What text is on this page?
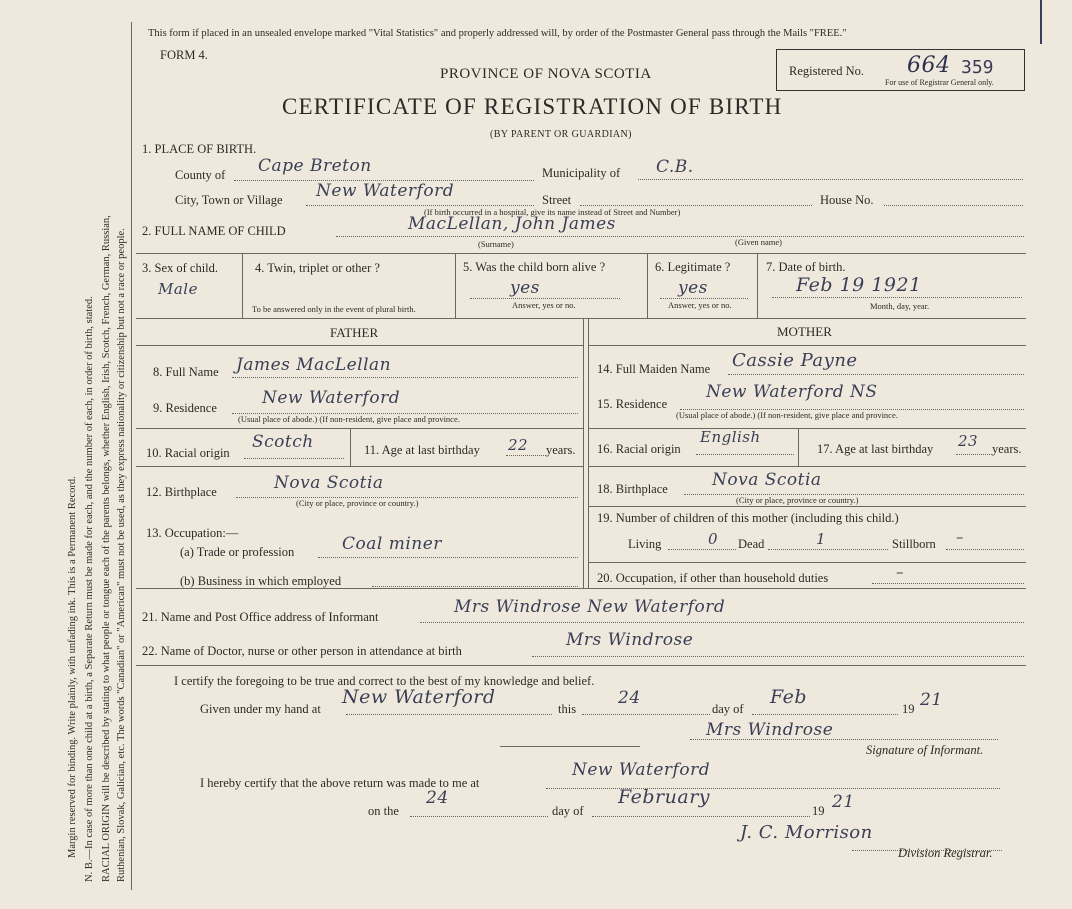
Margin reserved for binding. Write plainly, with unfading ink. This is a Permanent Record. N. B.—In case of more than one child at a birth, a Separate Return must be made for each, and the number of each, in order of birth, stated. RACIAL ORIGIN will be described by stating to what people or tongue each of the parents belongs, whether English, Irish, Scotch, French, German, Russian, Ruthenian, Slovak, Galician, etc. The words "Canadian" or "American" must not be used, as they express nationality or citizenship but not a race or people.
This form if placed in an unsealed envelope marked "Vital Statistics" and properly addressed will, by order of the Postmaster General pass through the Mails "FREE."
FORM 4.
PROVINCE OF NOVA SCOTIA
CERTIFICATE OF REGISTRATION OF BIRTH
(BY PARENT OR GUARDIAN)
Registered No. 664 359
For use of Registrar General only.
1. PLACE OF BIRTH.
County of Cape Breton	Municipality of C.B.
City, Town or Village New Waterford	Street	House No.
(If birth occurred in a hospital, give its name instead of Street and Number)
2. FULL NAME OF CHILD	MacLellan, John James
(Surname)	(Given name)
3. Sex of child.
Male
4. Twin, triplet or other ?
To be answered only in the event of plural birth.
5. Was the child born alive ?
yes
Answer, yes or no.
6. Legitimate ?
yes
Answer, yes or no.
7. Date of birth.
Feb 19 1921
Month, day, year.
FATHER	MOTHER
8. Full Name James MacLellan
9. Residence	New Waterford
(Usual place of abode.) (If non-resident, give place and province.
10. Racial origin
Scotch	11. Age at last birthday 22 years.
12. Birthplace	Nova Scotia
(City or place, province or country.)
13. Occupation:—
(a) Trade or profession	Coal miner
(b) Business in which employed
14. Full Maiden Name Cassie Payne
15. Residence
New Waterford NS
(Usual place of abode.) (If non-resident, give place and province.
16. Racial origin
English
17. Age at last birthday 23 years.
18. Birthplace	Nova Scotia
(City or place, province or country.)
19. Number of children of this mother (including this child.)
Living	0 Dead	1	Stillborn –
20. Occupation, if other than household duties	–
21. Name and Post Office address of Informant	Mrs Windrose New Waterford
22. Name of Doctor, nurse or other person in attendance at birth
Mrs Windrose
I certify the foregoing to be true and correct to the best of my knowledge and belief.
Given under my hand at
New Waterford
this
24
day of
Feb
19 21
Mrs Windrose
Signature of Informant.
I hereby certify that the above return was made to me at
New Waterford
on the
24
day of
February
19 21
J. C. Morrison
Division Registrar.
